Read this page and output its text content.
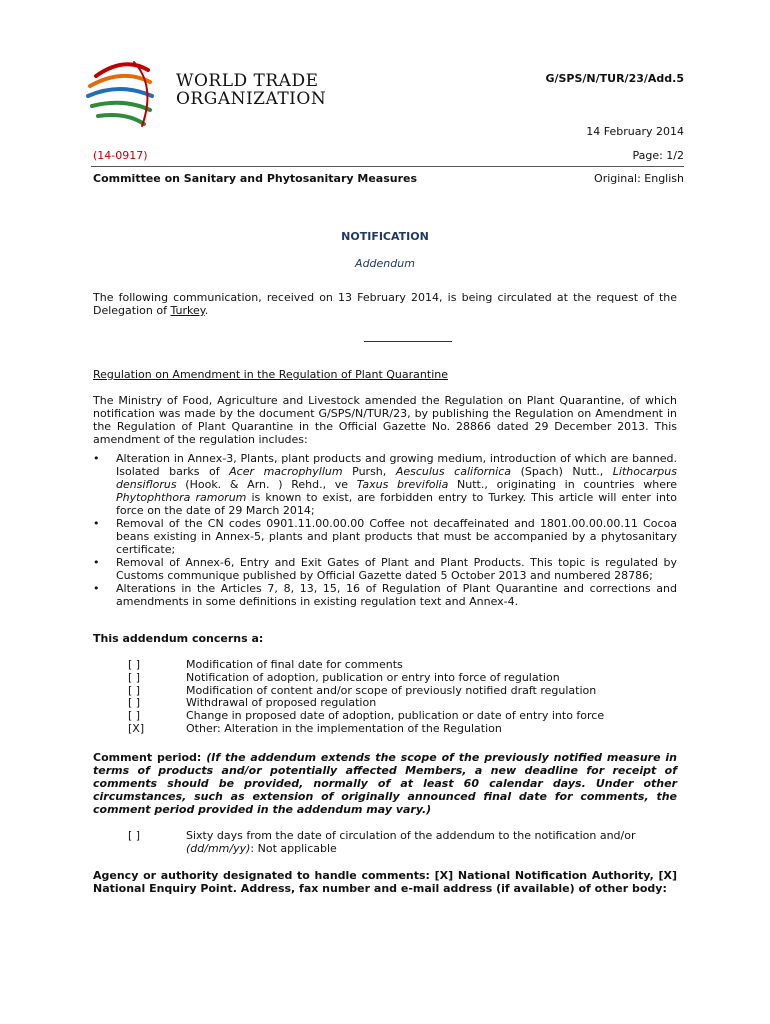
WORLD TRADE
ORGANIZATION
G/SPS/N/TUR/23/Add.5
14 February 2014
(14-0917)	Page: 1/2
Committee on Sanitary and Phytosanitary Measures	Original: English
NOTIFICATION
Addendum
The following communication, received on 13 February 2014, is being circulated at the request of the Delegation of Turkey.
Regulation on Amendment in the Regulation of Plant Quarantine
The Ministry of Food, Agriculture and Livestock amended the Regulation on Plant Quarantine, of which notification was made by the document G/SPS/N/TUR/23, by publishing the Regulation on Amendment in the Regulation of Plant Quarantine in the Official Gazette No. 28866 dated 29 December 2013. This amendment of the regulation includes:
• Alteration in Annex-3, Plants, plant products and growing medium, introduction of which are banned. Isolated barks of Acer macrophyllum Pursh, Aesculus californica (Spach) Nutt., Lithocarpus densiflorus (Hook. & Arn. ) Rehd., ve Taxus brevifolia Nutt., originating in countries where Phytophthora ramorum is known to exist, are forbidden entry to Turkey. This article will enter into force on the date of 29 March 2014;
• Removal of the CN codes 0901.11.00.00.00 Coffee not decaffeinated and 1801.00.00.00.11 Cocoa beans existing in Annex-5, plants and plant products that must be accompanied by a phytosanitary certificate;
• Removal of Annex-6, Entry and Exit Gates of Plant and Plant Products. This topic is regulated by Customs communique published by Official Gazette dated 5 October 2013 and numbered 28786;
• Alterations in the Articles 7, 8, 13, 15, 16 of Regulation of Plant Quarantine and corrections and amendments in some definitions in existing regulation text and Annex-4.
This addendum concerns a:
[ ]	Modification of final date for comments
[ ]	Notification of adoption, publication or entry into force of regulation
[ ]	Modification of content and/or scope of previously notified draft regulation
[ ]	Withdrawal of proposed regulation
[ ]	Change in proposed date of adoption, publication or date of entry into force
[X]	Other: Alteration in the implementation of the Regulation
Comment period: (If the addendum extends the scope of the previously notified measure in terms of products and/or potentially affected Members, a new deadline for receipt of comments should be provided, normally of at least 60 calendar days. Under other circumstances, such as extension of originally announced final date for comments, the comment period provided in the addendum may vary.)
[ ]	Sixty days from the date of circulation of the addendum to the notification and/or (dd/mm/yy): Not applicable
Agency or authority designated to handle comments: [X] National Notification Authority, [X] National Enquiry Point. Address, fax number and e-mail address (if available) of other body:
